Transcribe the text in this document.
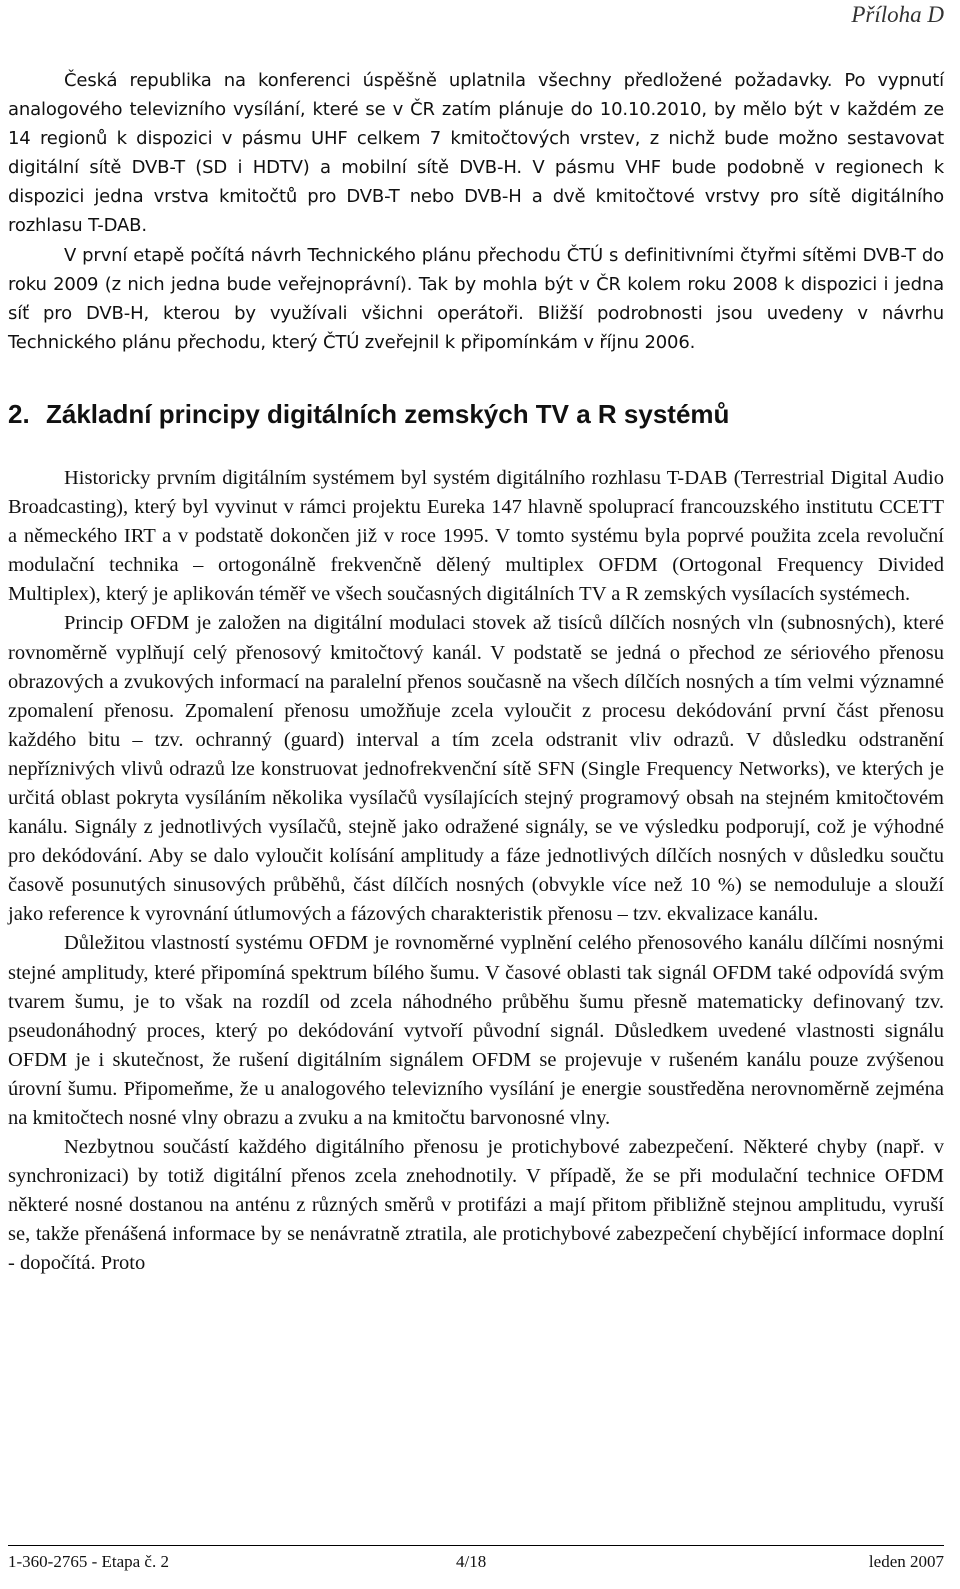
Příloha D

Česká republika na konferenci úspěšně uplatnila všechny předložené požadavky. Po vypnutí analogového televizního vysílání, které se v ČR zatím plánuje do 10.10.2010, by mělo být v každém ze 14 regionů k dispozici v pásmu UHF celkem 7 kmitočtových vrstev, z nichž bude možno sestavovat digitální sítě DVB-T (SD i HDTV) a mobilní sítě DVB-H. V pásmu VHF bude podobně v regionech k dispozici jedna vrstva kmitočtů pro DVB-T nebo DVB-H a dvě kmitočtové vrstvy pro sítě digitálního rozhlasu T-DAB.

V první etapě počítá návrh Technického plánu přechodu ČTÚ s definitivními čtyřmi sítěmi DVB-T do roku 2009 (z nich jedna bude veřejnoprávní). Tak by mohla být v ČR kolem roku 2008 k dispozici i jedna síť pro DVB-H, kterou by využívali všichni operátoři. Bližší podrobnosti jsou uvedeny v návrhu Technického plánu přechodu, který ČTÚ zveřejnil k připomínkám v říjnu 2006.

2. Základní principy digitálních zemských TV a R systémů

Historicky prvním digitálním systémem byl systém digitálního rozhlasu T-DAB (Terrestrial Digital Audio Broadcasting), který byl vyvinut v rámci projektu Eureka 147 hlavně spoluprací francouzského institutu CCETT a německého IRT a v podstatě dokončen již v roce 1995. V tomto systému byla poprvé použita zcela revoluční modulační technika – ortogonálně frekvenčně dělený multiplex OFDM (Ortogonal Frequency Divided Multiplex), který je aplikován téměř ve všech současných digitálních TV a R zemských vysílacích systémech.

Princip OFDM je založen na digitální modulaci stovek až tisíců dílčích nosných vln (subnosných), které rovnoměrně vyplňují celý přenosový kmitočtový kanál. V podstatě se jedná o přechod ze sériového přenosu obrazových a zvukových informací na paralelní přenos současně na všech dílčích nosných a tím velmi významné zpomalení přenosu. Zpomalení přenosu umožňuje zcela vyloučit z procesu dekódování první část přenosu každého bitu – tzv. ochranný (guard) interval a tím zcela odstranit vliv odrazů. V důsledku odstranění nepříznivých vlivů odrazů lze konstruovat jednofrekvenční sítě SFN (Single Frequency Networks), ve kterých je určitá oblast pokryta vysíláním několika vysílačů vysílajících stejný programový obsah na stejném kmitočtovém kanálu. Signály z jednotlivých vysílačů, stejně jako odražené signály, se ve výsledku podporují, což je výhodné pro dekódování. Aby se dalo vyloučit kolísání amplitudy a fáze jednotlivých dílčích nosných v důsledku součtu časově posunutých sinusových průběhů, část dílčích nosných (obvykle více než 10 %) se nemoduluje a slouží jako reference k vyrovnání útlumových a fázových charakteristik přenosu – tzv. ekvalizace kanálu.

Důležitou vlastností systému OFDM je rovnoměrné vyplnění celého přenosového kanálu dílčími nosnými stejné amplitudy, které připomíná spektrum bílého šumu. V časové oblasti tak signál OFDM také odpovídá svým tvarem šumu, je to však na rozdíl od zcela náhodného průběhu šumu přesně matematicky definovaný tzv. pseudonáhodný proces, který po dekódování vytvoří původní signál. Důsledkem uvedené vlastnosti signálu OFDM je i skutečnost, že rušení digitálním signálem OFDM se projevuje v rušeném kanálu pouze zvýšenou úrovní šumu. Připomeňme, že u analogového televizního vysílání je energie soustředěna nerovnoměrně zejména na kmitočtech nosné vlny obrazu a zvuku a na kmitočtu barvonosné vlny.

Nezbytnou součástí každého digitálního přenosu je protichybové zabezpečení. Některé chyby (např. v synchronizaci) by totiž digitální přenos zcela znehodnotily. V případě, že se při modulační technice OFDM některé nosné dostanou na anténu z různých směrů v protifázi a mají přitom přibližně stejnou amplitudu, vyruší se, takže přenášená informace by se nenávratně ztratila, ale protichybové zabezpečení chybějící informace doplní - dopočítá. Proto

1-360-2765 - Etapa č. 2	4/18	leden 2007
